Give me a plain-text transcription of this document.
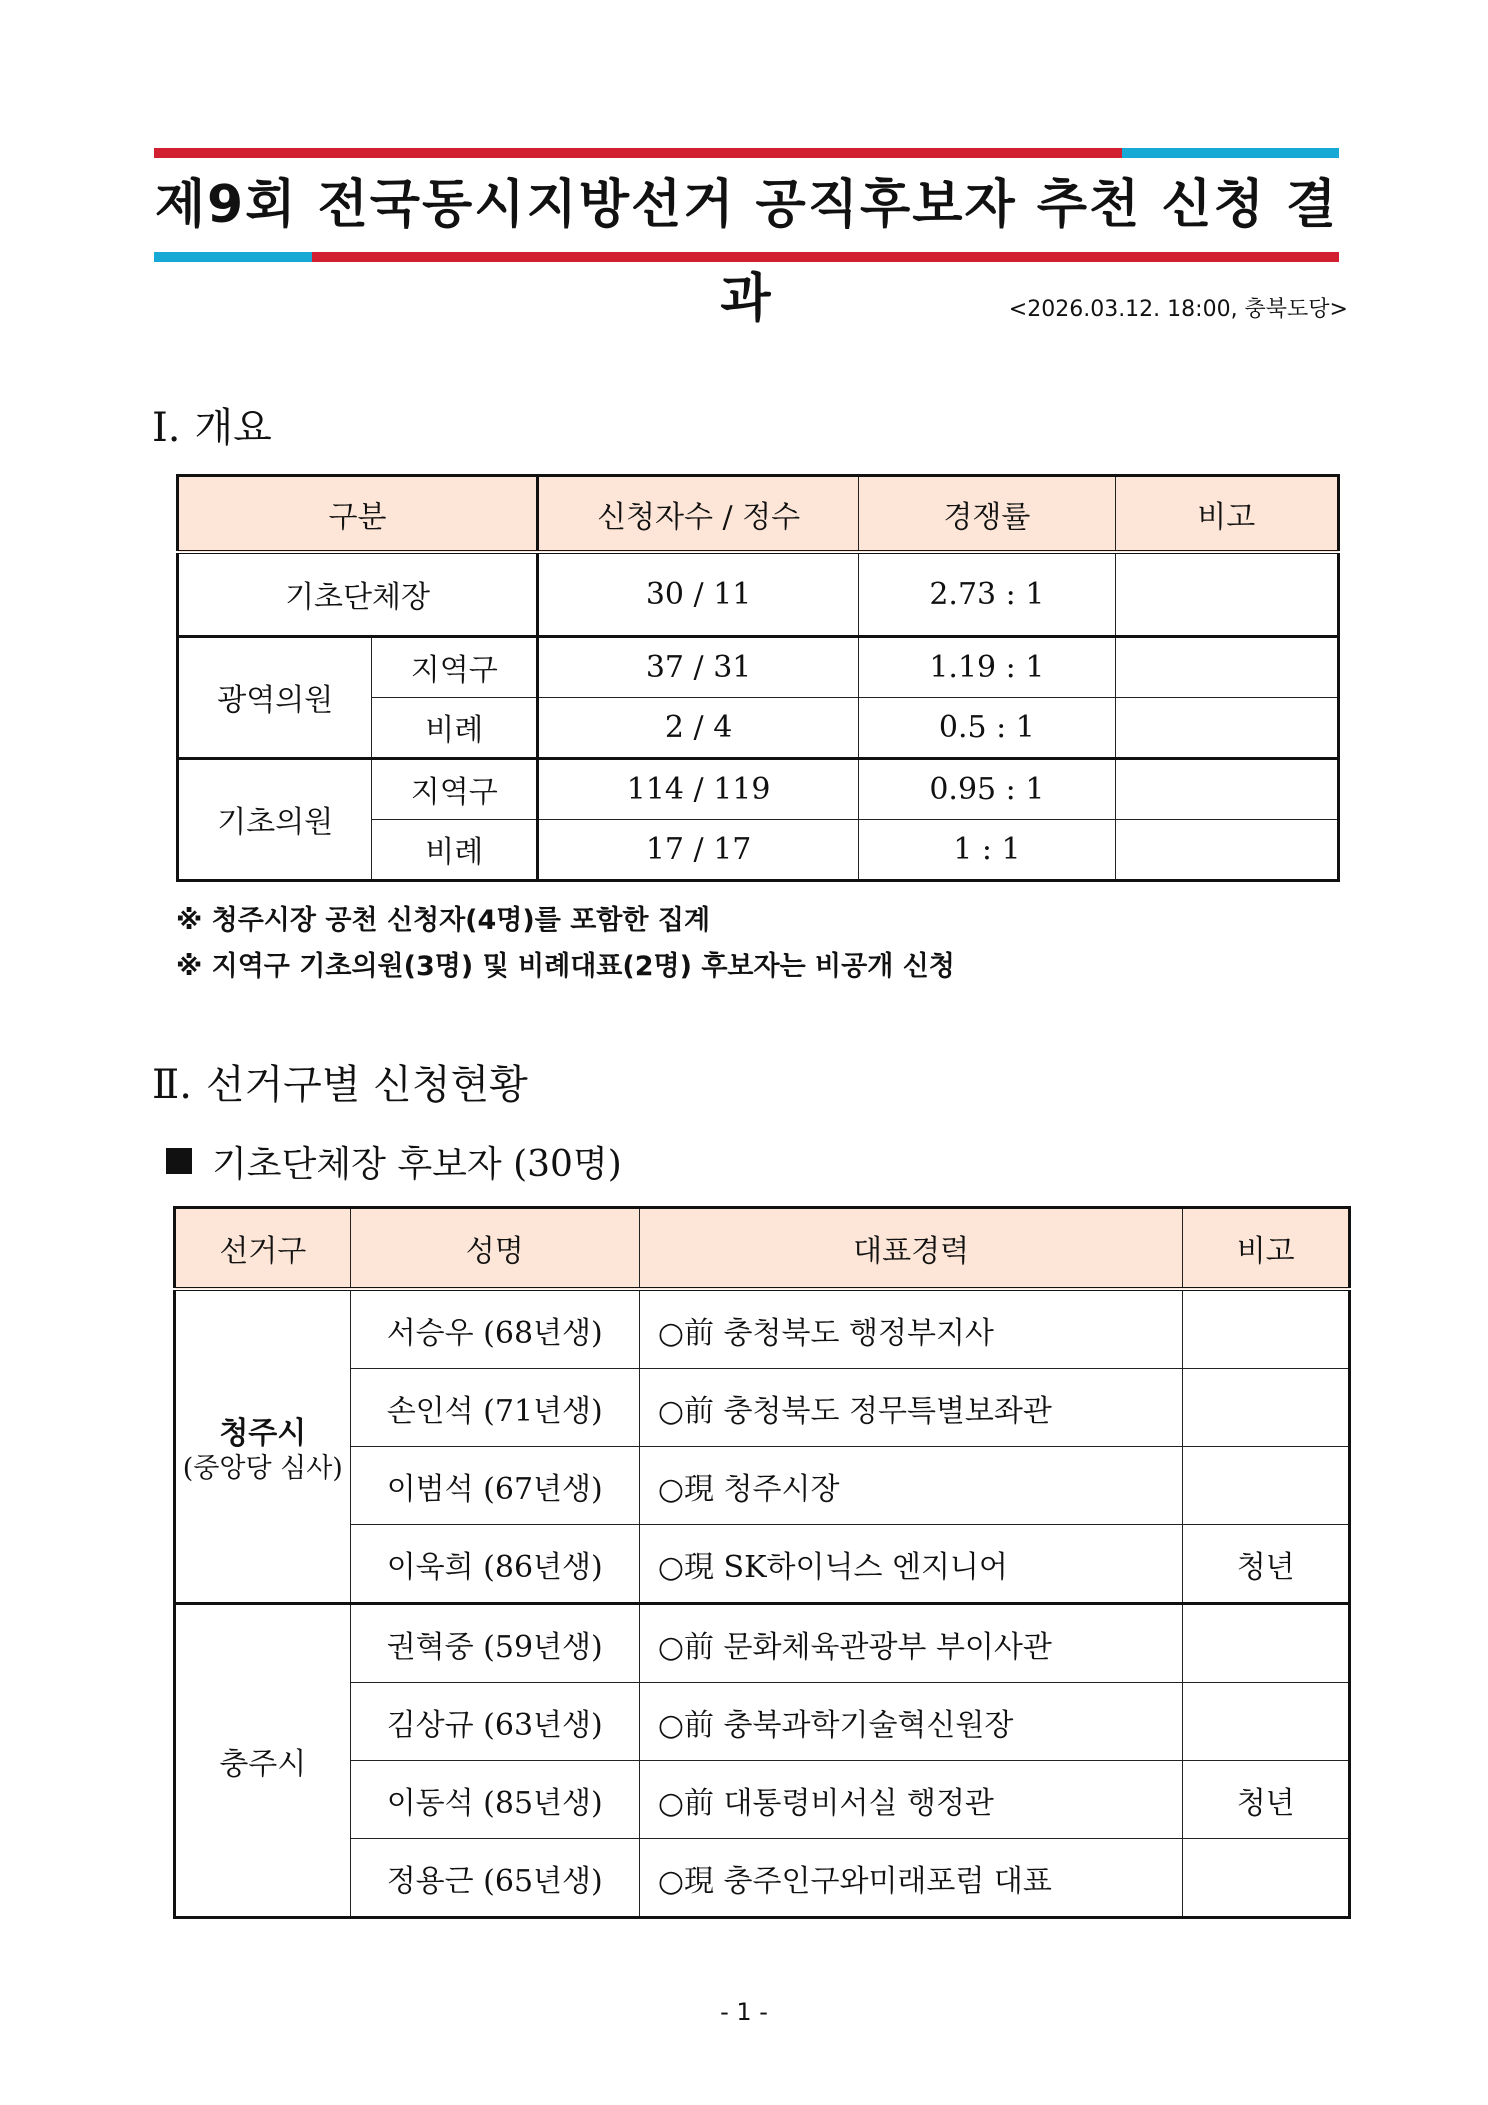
제9회 전국동시지방선거 공직후보자 추천 신청 결과	<2026.03.12. 18:00, 충북도당>
Ⅰ. 개요
구분		신청자수 / 정수	경쟁률	비고
기초단체장		30 / 11	2.73 : 1	
광역의원	지역구	37 / 31	1.19 : 1	
	비례	2 / 4	0.5 : 1	
기초의원	지역구	114 / 119	0.95 : 1	
	비례	17 / 17	1 : 1	
※ 청주시장 공천 신청자(4명)를 포함한 집계
※ 지역구 기초의원(3명) 및 비례대표(2명) 후보자는 비공개 신청
Ⅱ. 선거구별 신청현황
기초단체장 후보자 (30명)
선거구	성명	대표경력	비고

청주시
(중앙당 심사)	서승우 (68년생)	○前 충청북도 행정부지사	
	손인석 (71년생)	○前 충청북도 정무특별보좌관	
	이범석 (67년생)	○現 청주시장	
	이욱희 (86년생)	○現 SK하이닉스 엔지니어	청년

충주시	권혁중 (59년생)	○前 문화체육관광부 부이사관	
	김상규 (63년생)	○前 충북과학기술혁신원장	
	이동석 (85년생)	○前 대통령비서실 행정관	청년
	정용근 (65년생)	○現 충주인구와미래포럼 대표	
- 1 -
